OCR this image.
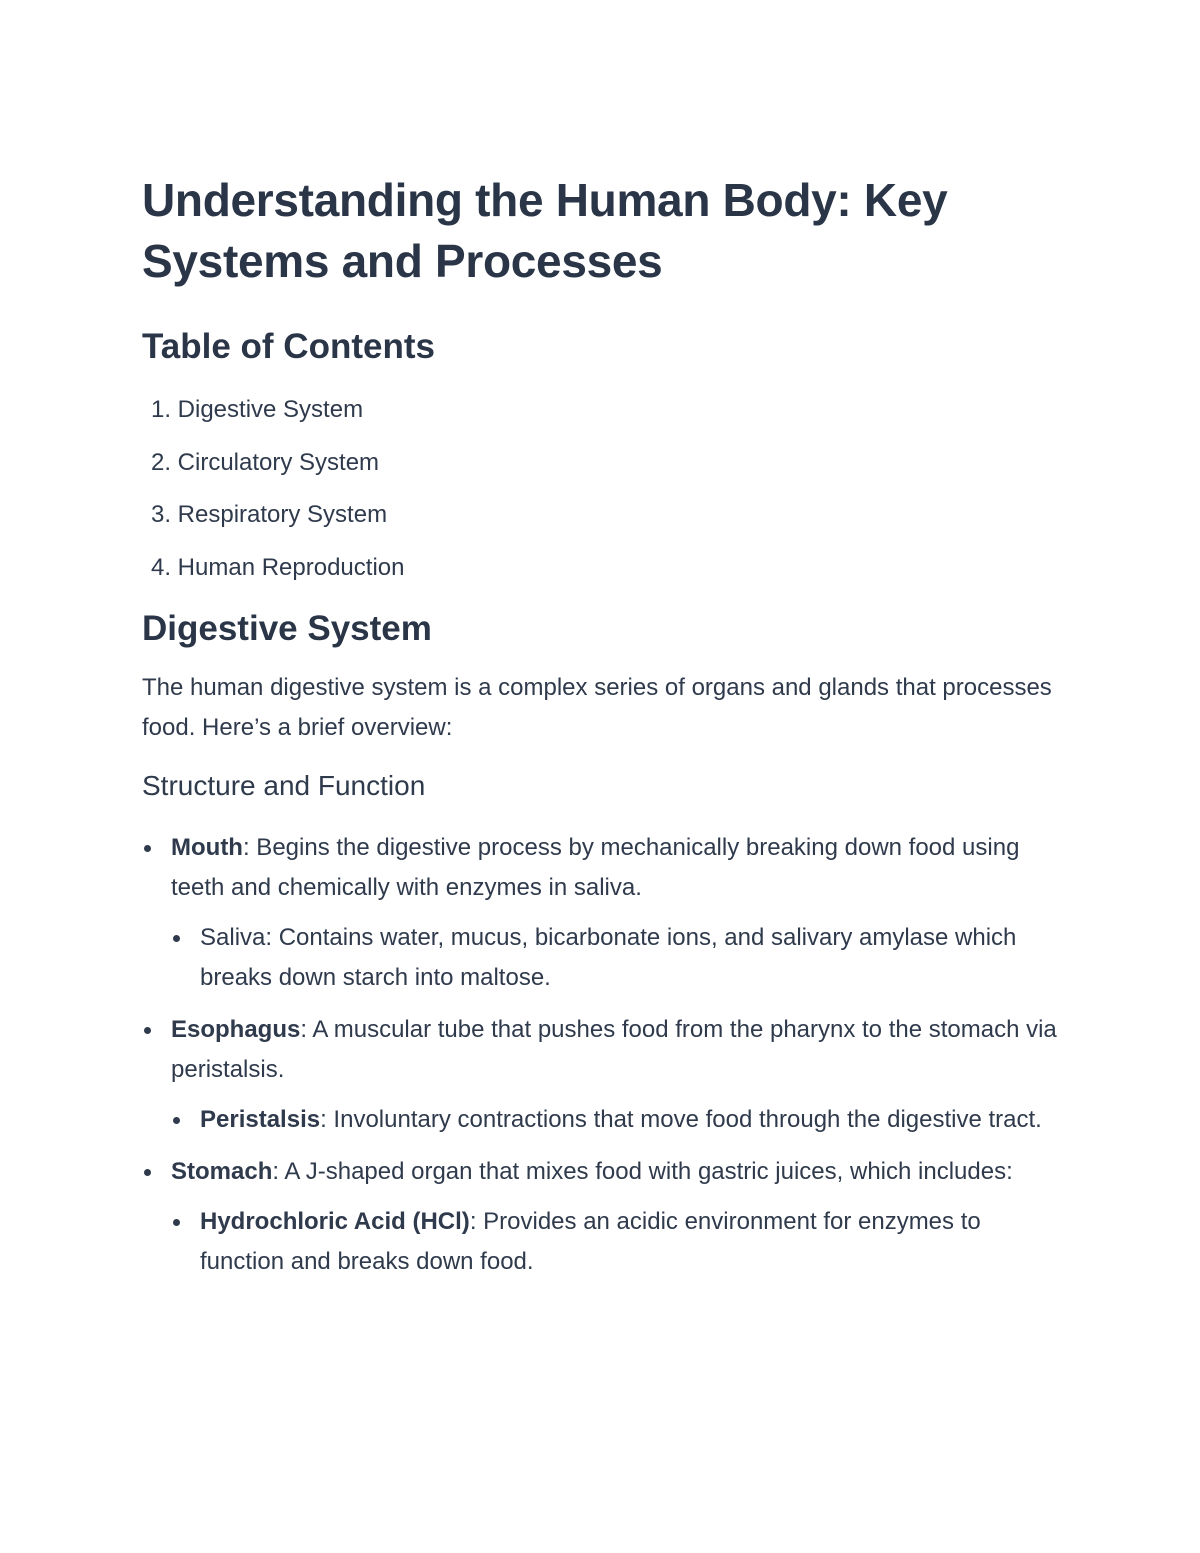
Understanding the Human Body: Key Systems and Processes
Table of Contents
1.
Digestive System
2.
Circulatory System
3.
Respiratory System
4.
Human Reproduction
Digestive System

The human digestive system is a complex series of organs and glands that processes food. Here’s a brief overview:

Structure and Function
Mouth: Begins the digestive process by mechanically breaking down food using teeth and chemically with enzymes in saliva.
Saliva: Contains water, mucus, bicarbonate ions, and salivary amylase which breaks down starch into maltose.
Esophagus: A muscular tube that pushes food from the pharynx to the stomach via peristalsis.
Peristalsis: Involuntary contractions that move food through the digestive tract.
Stomach: A J-shaped organ that mixes food with gastric juices, which includes:
Hydrochloric Acid (HCl): Provides an acidic environment for enzymes to function and breaks down food.
